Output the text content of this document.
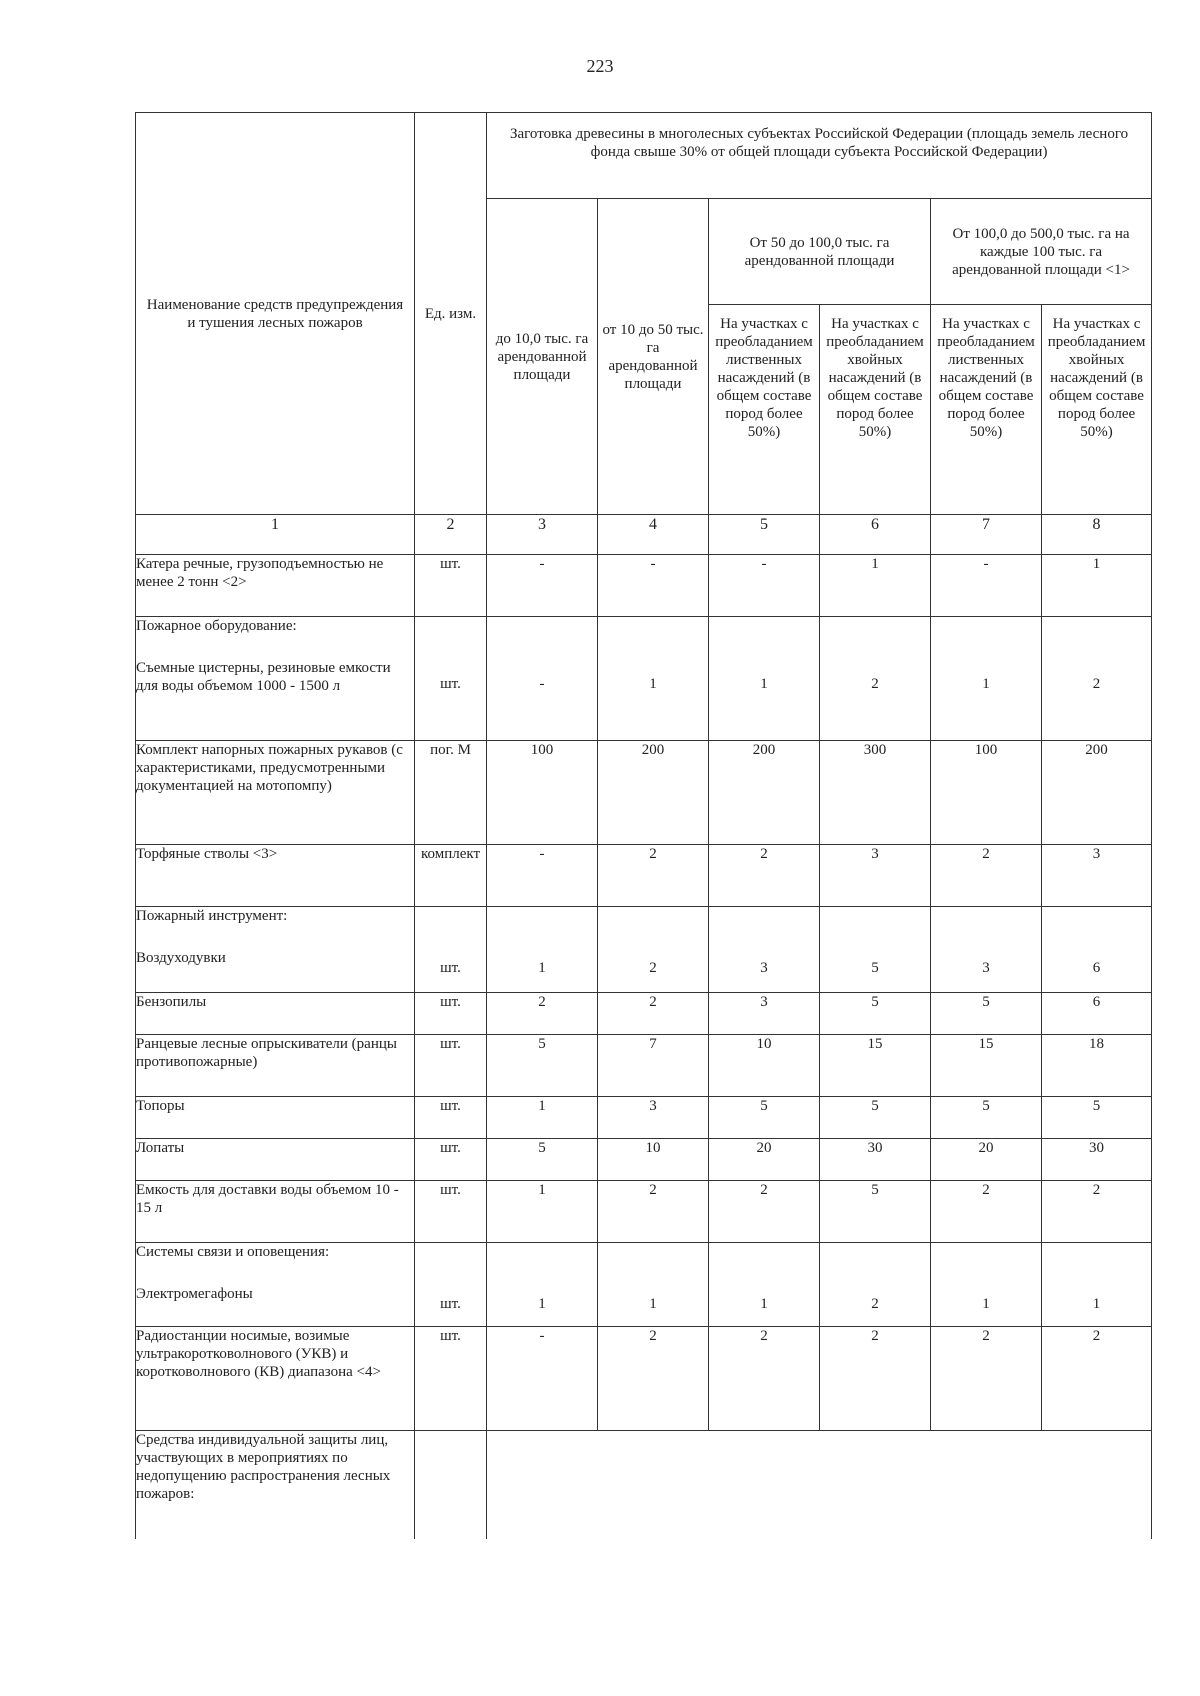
223
Наименование средств предупреждения и тушения лесных пожаров	Ед. изм.	Заготовка древесины в многолесных субъектах Российской Федерации (площадь земель лесного фонда свыше 30% от общей площади субъекта Российской Федерации)					
		до 10,0 тыс. га арендованной площади	от 10 до 50 тыс. га арендованной площади	От 50 до 100,0 тыс. га арендованной площади		От 100,0 до 500,0 тыс. га на каждые 100 тыс. га арендованной площади <1>	
				На участках с преобладанием лиственных насаждений (в общем составе пород более 50%)	На участках с преобладанием хвойных насаждений (в общем составе пород более 50%)	На участках с преобладанием лиственных насаждений (в общем составе пород более 50%)	На участках с преобладанием хвойных насаждений (в общем составе пород более 50%)
1	2	3	4	5	6	7	8
Катера речные, грузоподъемностью не менее 2 тонн <2>	шт.	-	-	-	1	-	1

Пожарное оборудование:
Съемные цистерны, резиновые емкости для воды объемом 1000 - 1500 л	шт.	-	1	1	2	1	2
Комплект напорных пожарных рукавов (с характеристиками, предусмотренными документацией на мотопомпу)	пог. М	100	200	200	300	100	200
Торфяные стволы <3>	комплект	-	2	2	3	2	3

Пожарный инструмент:
Воздуходувки	шт.	1	2	3	5	3	6
Бензопилы	шт.	2	2	3	5	5	6
Ранцевые лесные опрыскиватели (ранцы противопожарные)	шт.	5	7	10	15	15	18
Топоры	шт.	1	3	5	5	5	5
Лопаты	шт.	5	10	20	30	20	30
Емкость для доставки воды объемом 10 - 15 л	шт.	1	2	2	5	2	2

Системы связи и оповещения:
Электромегафоны	шт.	1	1	1	2	1	1
Радиостанции носимые, возимые ультракоротковолнового (УКВ) и коротковолнового (КВ) диапазона <4>	шт.	-	2	2	2	2	2
Средства индивидуальной защиты лиц, участвующих в мероприятиях по недопущению распространения лесных пожаров:							
